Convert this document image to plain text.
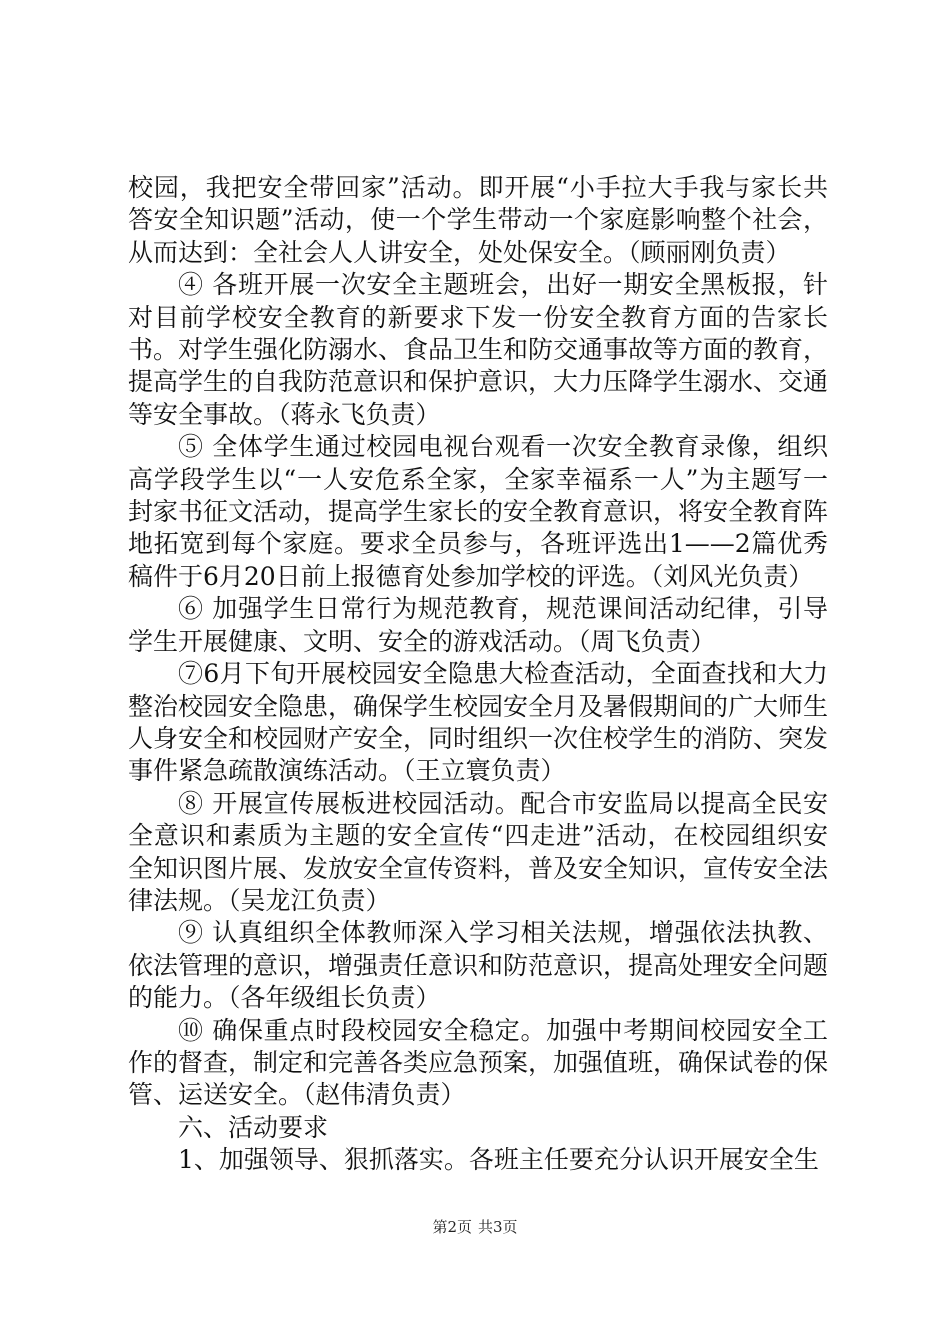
校园，我把安全带回家”活动。即开展“小手拉大手我与家长共答安全知识题”活动，使一个学生带动一个家庭影响整个社会，从而达到：全社会人人讲安全，处处保安全。（顾丽刚负责）

④ 各班开展一次安全主题班会，出好一期安全黑板报，针对目前学校安全教育的新要求下发一份安全教育方面的告家长书。对学生强化防溺水、食品卫生和防交通事故等方面的教育，提高学生的自我防范意识和保护意识，大力压降学生溺水、交通等安全事故。（蒋永飞负责）

⑤ 全体学生通过校园电视台观看一次安全教育录像，组织高学段学生以“一人安危系全家，全家幸福系一人”为主题写一封家书征文活动，提高学生家长的安全教育意识，将安全教育阵地拓宽到每个家庭。要求全员参与，各班评选出1——2篇优秀稿件于6月20日前上报德育处参加学校的评选。（刘风光负责）

⑥ 加强学生日常行为规范教育，规范课间活动纪律，引导学生开展健康、文明、安全的游戏活动。（周飞负责）

⑦6月下旬开展校园安全隐患大检查活动，全面查找和大力整治校园安全隐患，确保学生校园安全月及暑假期间的广大师生人身安全和校园财产安全，同时组织一次住校学生的消防、突发事件紧急疏散演练活动。（王立寰负责）

⑧ 开展宣传展板进校园活动。配合市安监局以提高全民安全意识和素质为主题的安全宣传“四走进”活动，在校园组织安全知识图片展、发放安全宣传资料，普及安全知识，宣传安全法律法规。（吴龙江负责）

⑨ 认真组织全体教师深入学习相关法规，增强依法执教、依法管理的意识，增强责任意识和防范意识，提高处理安全问题的能力。（各年级组长负责）

⑩ 确保重点时段校园安全稳定。加强中考期间校园安全工作的督查，制定和完善各类应急预案，加强值班，确保试卷的保管、运送安全。（赵伟清负责）

六、活动要求

1、加强领导、狠抓落实。各班主任要充分认识开展安全生

第2页 共3页
